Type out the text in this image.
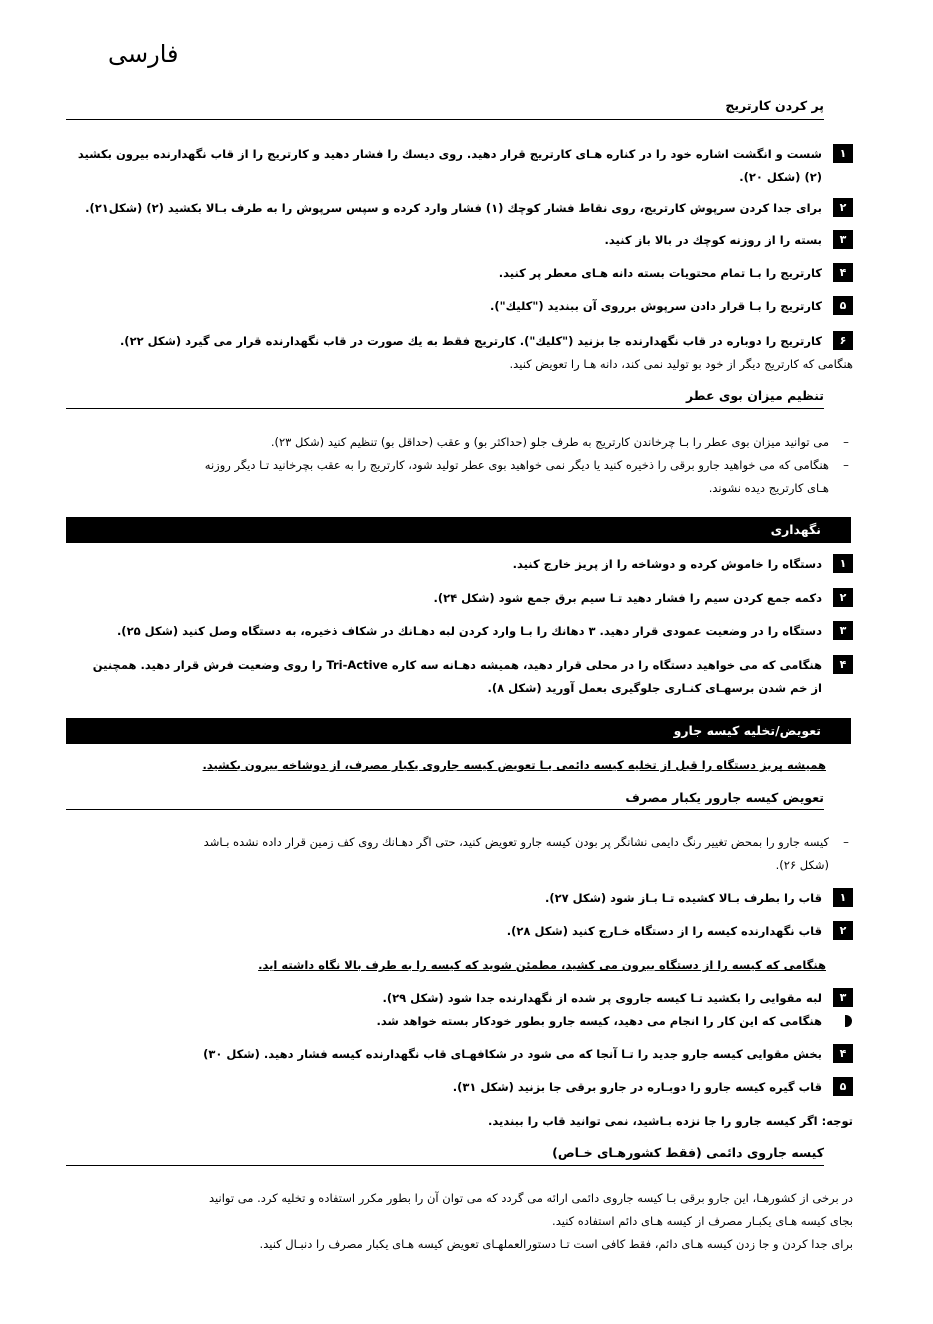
فارسی
پر کردن کارتریج
۱
شست و انگشت اشاره خود را در کناره هـای کارتریج قرار دهید. روی دیسك را فشار دهید و کارتریج را از قاب نگهدارنده بیرون بکشید
(۲) (شکل ۲۰).
۲
برای جدا کردن سرپوش کارتریج، روی نقاط فشار کوچك (۱) فشار وارد کرده و سپس سرپوش را به طرف بـالا بکشید (۲) (شکل۲۱).
۳
بسته را از روزنه کوچك در بالا باز کنید.
۴
کارتریج را بـا تمام محتویات بسته دانه هـای معطر پر کنید.
۵
کارتریج را بـا قرار دادن سرپوش برروی آن ببندید ("کلیك").
۶
کارتریج را دوباره در قاب نگهدارنده جا بزنید ("کلیك"). کارتریج فقط به یك صورت در قاب نگهدارنده قرار می گیرد (شکل ۲۲).
هنگامی که کارتریج دیگر از خود بو تولید نمی کند، دانه هـا را تعویض کنید.
تنظیم میزان بوی عطر
–
می توانید میزان بوی عطر را بـا چرخاندن کارتریج به طرف جلو (حداکثر بو) و عقب (حداقل بو) تنظیم کنید (شکل ۲۳).
–
هنگامی که می خواهید جارو برقی را ذخیره کنید یا دیگر نمی خواهید بوی عطر تولید شود، کارتریج را به عقب بچرخانید تـا دیگر روزنه
هـای کارتریج دیده نشوند.
نگهداری
۱
دستگاه را خاموش کرده و دوشاخه را از پریز خارج کنید.
۲
دکمه جمع کردن سیم را فشار دهید تـا سیم برق جمع شود (شکل ۲۴).
۳
دستگاه را در وضعیت عمودی قرار دهید. ۳ دهانك را بـا وارد کردن لبه دهـانك در شکاف ذخیره، به دستگاه وصل کنید (شکل ۲۵).
۴
هنگامی که می خواهید دستگاه را در محلی قرار دهید، همیشه دهـانه سه کاره Tri-Active را روی وضعیت فرش قرار دهید. همچنین
از خم شدن برسهـای کنـاری جلوگیری بعمل آورید (شکل ۸).
تعویض/تخلیه کیسه جارو
همیشه پریز دستگاه را قبل از تخلیه کیسه دائمی یـا تعویض کیسه جاروی یکبار مصرف، از دوشاخه بیرون بکشید.
تعویض کیسه جارور یکبار مصرف
–
کیسه جارو را بمحض تغییر رنگ دایمی نشانگر پر بودن کیسه جارو تعویض کنید، حتی اگر دهـانك روی کف زمین قرار داده نشده بـاشد
(شکل ۲۶).
۱
قاب را بطرف بـالا کشیده تـا بـاز شود (شکل ۲۷).
۲
قاب نگهدارنده کیسه را از دستگاه خـارج کنید (شکل ۲۸).
هنگامی که کیسه را از دستگاه بیرون می کشید، مطمئن شوید که کیسه را به طرف بالا نگاه داشته اید.
۳
لبه مقوایی را بکشید تـا کیسه جاروی پر شده از نگهدارنده جدا شود (شکل ۲۹).
هنگامی که این کار را انجام می دهید، کیسه جارو بطور خودکار بسته خواهد شد.
۴
بخش مقوایی کیسه جارو جدید را تـا آنجا که می شود در شکافهـای قاب نگهدارنده کیسه فشار دهید. (شکل ۳۰)
۵
قاب گیره کیسه جارو را دوبـاره در جارو برقی جا بزنید (شکل ۳۱).
توجه: اگر کیسه جارو را جا نزده بـاشید، نمی توانید قاب را ببندید.
کیسه جاروی دائمی (فقط کشورهـای خـاص)
در برخی از کشورهـا، این جارو برقی بـا کیسه جاروی دائمی ارائه می گردد که می توان آن را بطور مکرر استفاده و تخلیه کرد. می توانید
بجای کیسه هـای یکبـار مصرف از کیسه هـای دائم استفاده کنید.
برای جدا کردن و جا زدن کیسه هـای دائم، فقط کافی است تـا دستورالعملهـای تعویض کیسه هـای یکبار مصرف را دنبـال کنید.
